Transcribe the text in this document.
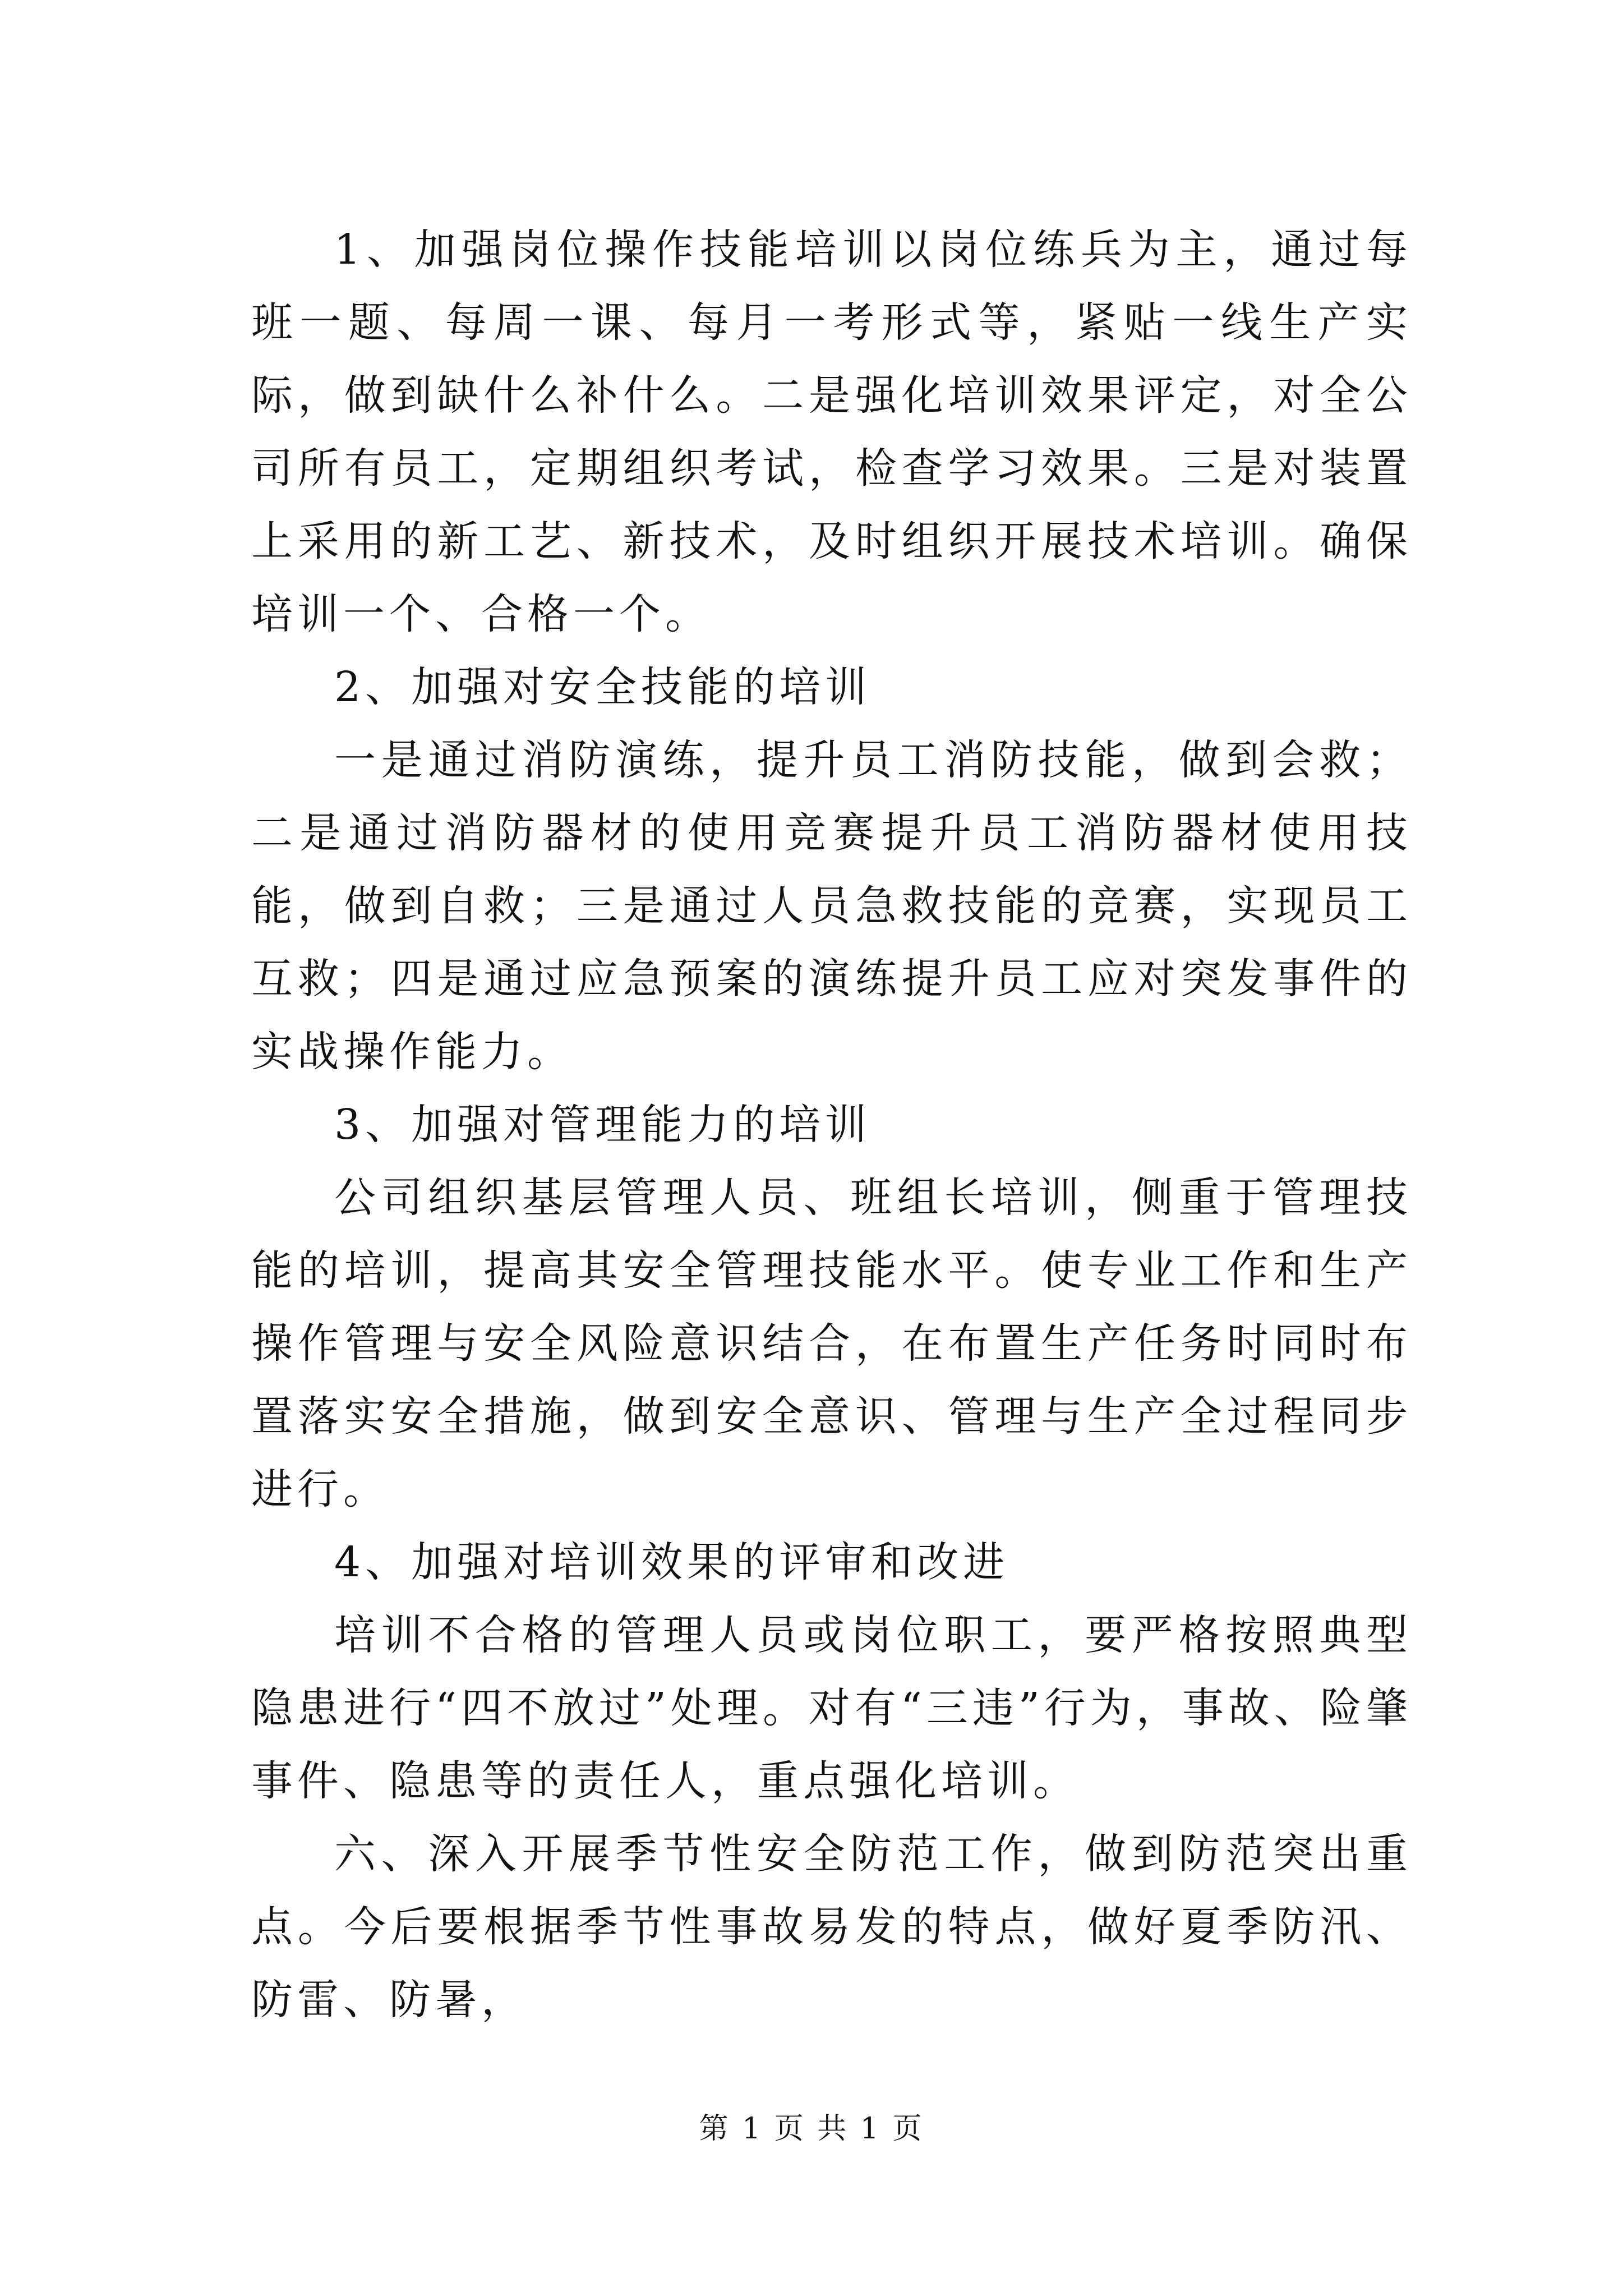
1、加强岗位操作技能培训以岗位练兵为主，通过每班一题、每周一课、每月一考形式等，紧贴一线生产实际，做到缺什么补什么。二是强化培训效果评定，对全公司所有员工，定期组织考试，检查学习效果。三是对装置上采用的新工艺、新技术，及时组织开展技术培训。确保培训一个、合格一个。

2、加强对安全技能的培训

一是通过消防演练，提升员工消防技能，做到会救；二是通过消防器材的使用竞赛提升员工消防器材使用技能，做到自救；三是通过人员急救技能的竞赛，实现员工互救；四是通过应急预案的演练提升员工应对突发事件的实战操作能力。

3、加强对管理能力的培训

公司组织基层管理人员、班组长培训，侧重于管理技能的培训，提高其安全管理技能水平。使专业工作和生产操作管理与安全风险意识结合，在布置生产任务时同时布置落实安全措施，做到安全意识、管理与生产全过程同步进行。

4、加强对培训效果的评审和改进

培训不合格的管理人员或岗位职工，要严格按照典型隐患进行“四不放过”处理。对有“三违”行为，事故、险肇事件、隐患等的责任人，重点强化培训。

六、深入开展季节性安全防范工作，做到防范突出重点。今后要根据季节性事故易发的特点，做好夏季防汛、防雷、防暑，

第 1 页 共 1 页
